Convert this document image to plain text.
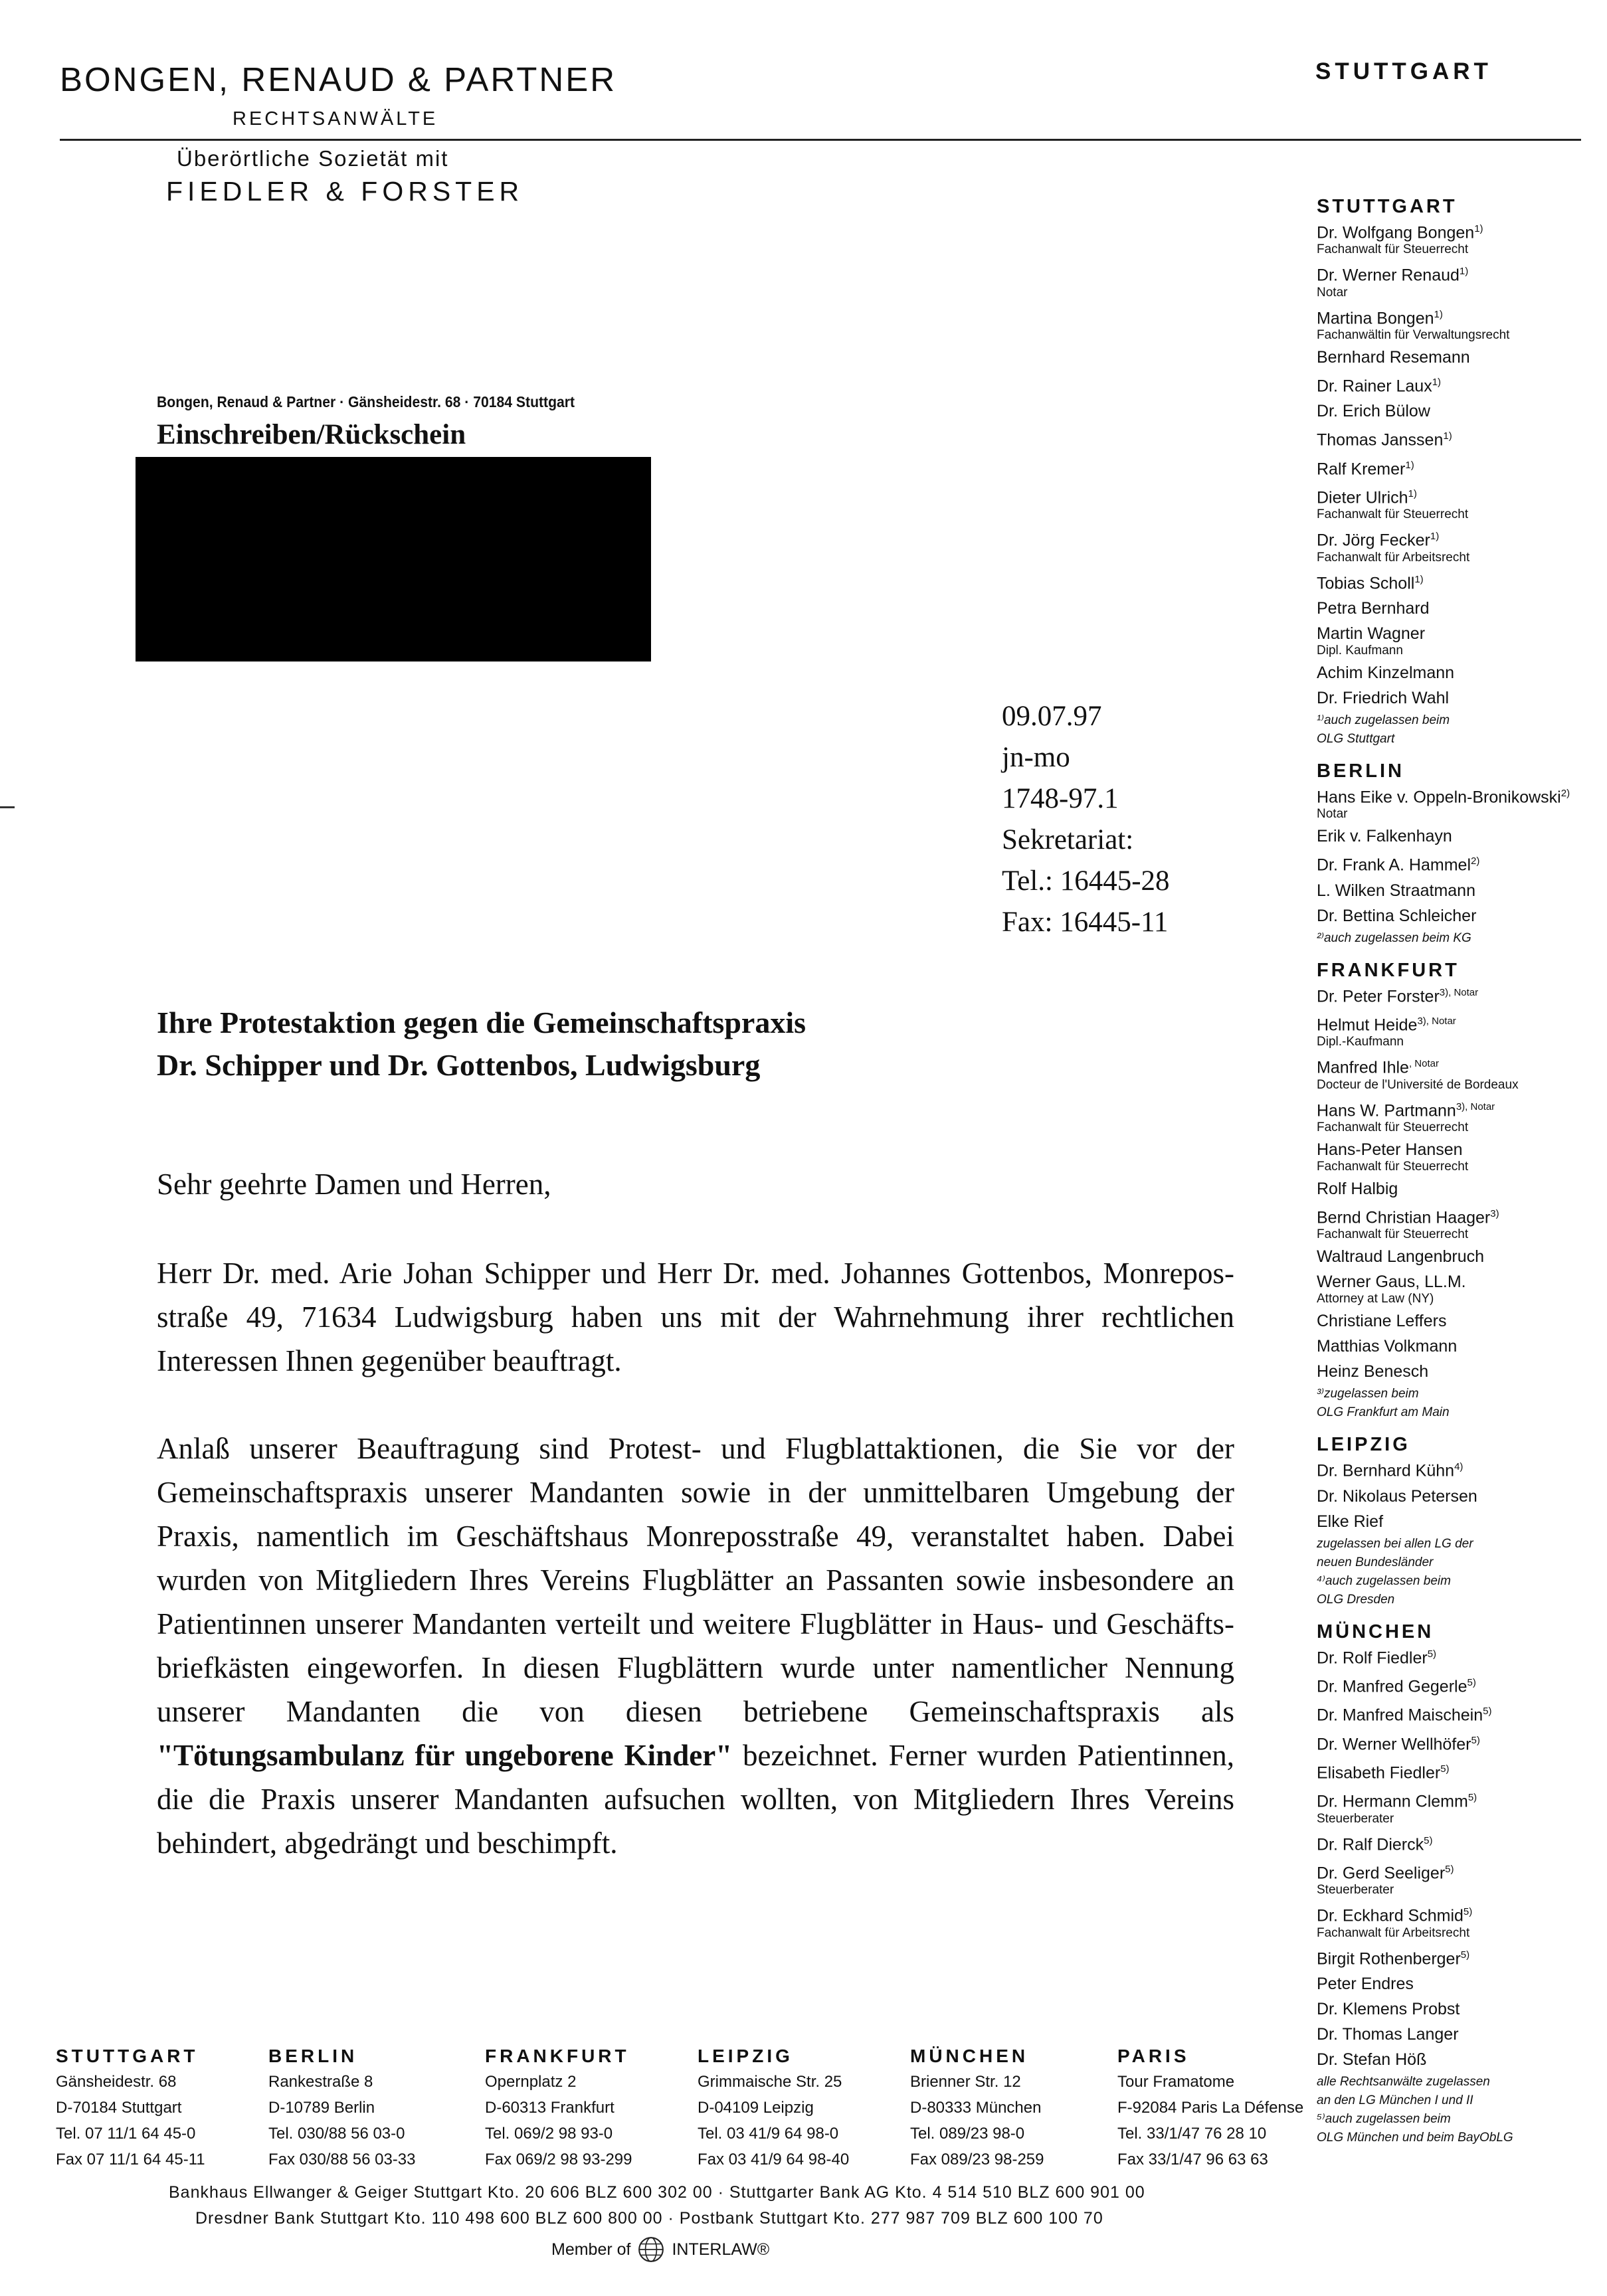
BONGEN, RENAUD & PARTNER
RECHTSANWÄLTE
Überörtliche Sozietät mit
FIEDLER & FORSTER
STUTTGART
Bongen, Renaud & Partner · Gänsheidestr. 68 · 70184 Stuttgart
Einschreiben/Rückschein
09.07.97
jn-mo
1748-97.1
Sekretariat:
Tel.: 16445-28
Fax: 16445-11
Ihre Protestaktion gegen die Gemeinschaftspraxis
Dr. Schipper und Dr. Gottenbos, Ludwigsburg
Sehr geehrte Damen und Herren,
Herr Dr. med. Arie Johan Schipper und Herr Dr. med. Johannes Gottenbos, Monreposstraße 49, 71634 Ludwigsburg haben uns mit der Wahrnehmung ihrer rechtlichen Interessen Ihnen gegenüber beauftragt.
Anlaß unserer Beauftragung sind Protest- und Flugblattaktionen, die Sie vor der Gemeinschaftspraxis unserer Mandanten sowie in der unmittelbaren Umgebung der Praxis, namentlich im Geschäftshaus Monreposstraße 49, veranstaltet haben. Dabei wurden von Mitgliedern Ihres Vereins Flugblätter an Passanten sowie insbesondere an Patientinnen unserer Mandanten verteilt und weitere Flugblätter in Haus- und Geschäftsbriefkästen eingeworfen. In diesen Flugblättern wurde unter namentlicher Nennung unserer Mandanten die von diesen betriebene Gemeinschaftspraxis als "Tötungsambulanz für ungeborene Kinder" bezeichnet. Ferner wurden Patientinnen, die die Praxis unserer Mandanten aufsuchen wollten, von Mitgliedern Ihres Vereins behindert, abgedrängt und beschimpft.
STUTTGART
Dr. Wolfgang Bongen$^{1)}$
Fachanwalt für Steuerrecht
Dr. Werner Renaud$^{1)}$
Notar
Martina Bongen$^{1)}$
Fachanwältin für Verwaltungsrecht
Bernhard Resemann
Dr. Rainer Laux$^{1)}$
Dr. Erich Bülow
Thomas Janssen$^{1)}$
Ralf Kremer$^{1)}$
Dieter Ulrich$^{1)}$
Fachanwalt für Steuerrecht
Dr. Jörg Fecker$^{1)}$
Fachanwalt für Arbeitsrecht
Tobias Scholl$^{1)}$
Petra Bernhard
Martin Wagner
Dipl. Kaufmann
Achim Kinzelmann
Dr. Friedrich Wahl
¹⁾auch zugelassen beim
OLG Stuttgart
BERLIN
Hans Eike v. Oppeln-Bronikowski$^{2)}$
Notar
Erik v. Falkenhayn
Dr. Frank A. Hammel$^{2)}$
L. Wilken Straatmann
Dr. Bettina Schleicher
²⁾auch zugelassen beim KG
FRANKFURT
Dr. Peter Forster$^{3), Notar}$
Helmut Heide$^{3), Notar}$
Dipl.-Kaufmann
Manfred Ihle$^{, Notar}$
Docteur de l'Université de Bordeaux
Hans W. Partmann$^{3), Notar}$
Fachanwalt für Steuerrecht
Hans-Peter Hansen
Fachanwalt für Steuerrecht
Rolf Halbig
Bernd Christian Haager$^{3)}$
Fachanwalt für Steuerrecht
Waltraud Langenbruch
Werner Gaus, LL.M.
Attorney at Law (NY)
Christiane Leffers
Matthias Volkmann
Heinz Benesch
³⁾zugelassen beim
OLG Frankfurt am Main
LEIPZIG
Dr. Bernhard Kühn$^{4)}$
Dr. Nikolaus Petersen
Elke Rief
zugelassen bei allen LG der
neuen Bundesländer
⁴⁾auch zugelassen beim
OLG Dresden
MÜNCHEN
Dr. Rolf Fiedler$^{5)}$
Dr. Manfred Gegerle$^{5)}$
Dr. Manfred Maischein$^{5)}$
Dr. Werner Wellhöfer$^{5)}$
Elisabeth Fiedler$^{5)}$
Dr. Hermann Clemm$^{5)}$
Steuerberater
Dr. Ralf Dierck$^{5)}$
Dr. Gerd Seeliger$^{5)}$
Steuerberater
Dr. Eckhard Schmid$^{5)}$
Fachanwalt für Arbeitsrecht
Birgit Rothenberger$^{5)}$
Peter Endres
Dr. Klemens Probst
Dr. Thomas Langer
Dr. Stefan Höß
alle Rechtsanwälte zugelassen
an den LG München I und II
⁵⁾auch zugelassen beim
OLG München und beim BayObLG
STUTTGART
Gänsheidestr. 68
D-70184 Stuttgart
Tel. 07 11/1 64 45-0
Fax 07 11/1 64 45-11
BERLIN
Rankestraße 8
D-10789 Berlin
Tel. 030/88 56 03-0
Fax 030/88 56 03-33
FRANKFURT
Opernplatz 2
D-60313 Frankfurt
Tel. 069/2 98 93-0
Fax 069/2 98 93-299
LEIPZIG
Grimmaische Str. 25
D-04109 Leipzig
Tel. 03 41/9 64 98-0
Fax 03 41/9 64 98-40
MÜNCHEN
Brienner Str. 12
D-80333 München
Tel. 089/23 98-0
Fax 089/23 98-259
PARIS
Tour Framatome
F-92084 Paris La Défense
Tel. 33/1/47 76 28 10
Fax 33/1/47 96 63 63
Bankhaus Ellwanger & Geiger Stuttgart Kto. 20 606 BLZ 600 302 00 · Stuttgarter Bank AG Kto. 4 514 510 BLZ 600 901 00
Dresdner Bank Stuttgart Kto. 110 498 600 BLZ 600 800 00 · Postbank Stuttgart Kto. 277 987 709 BLZ 600 100 70
Member of INTERLAW®
